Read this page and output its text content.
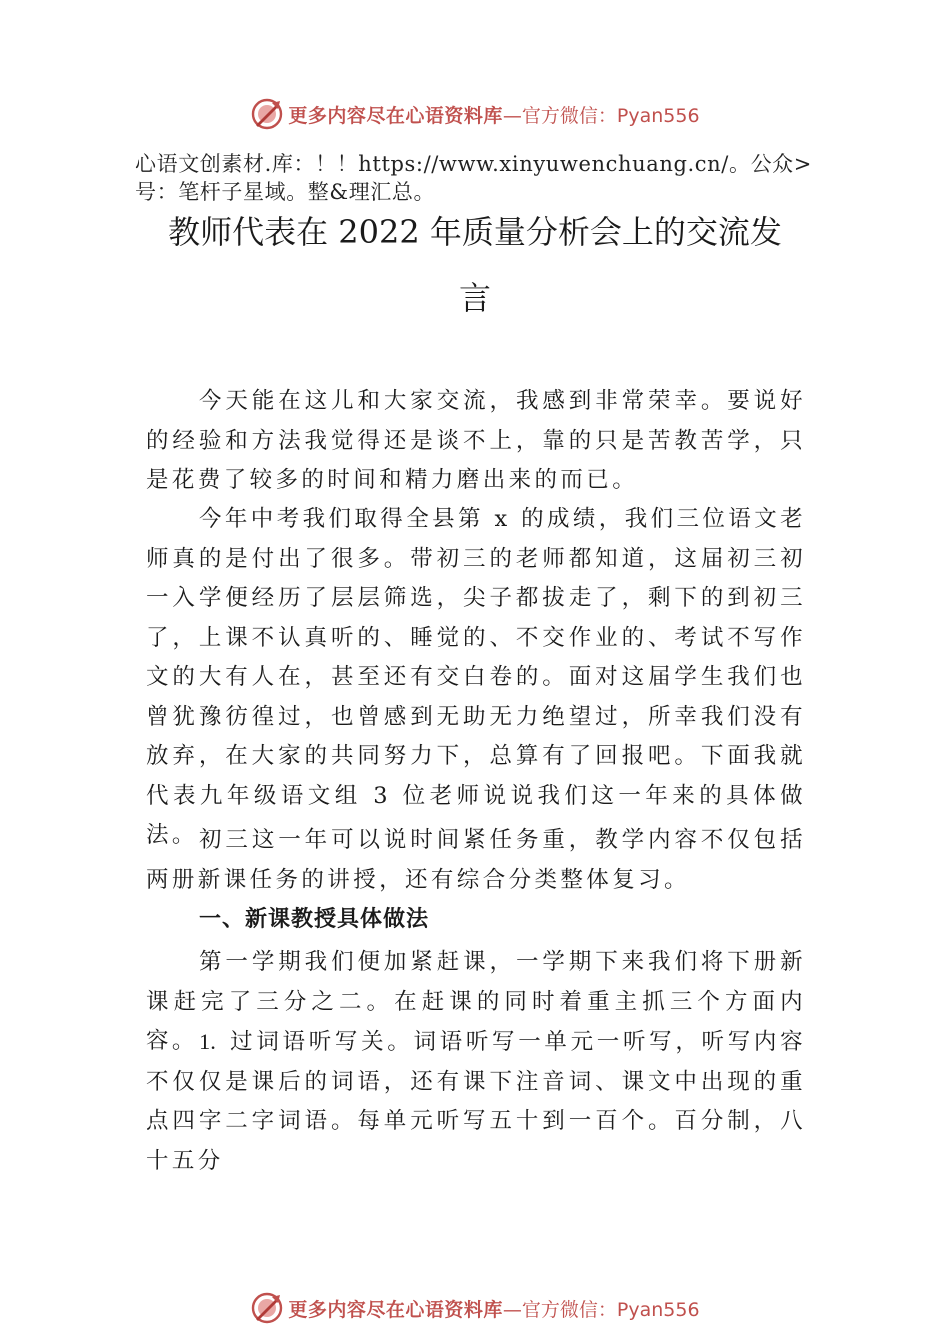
更多内容尽在心语资料库 —官方微信：Pyan556
心语文创素材.库：！！https://www.xinyuwenchuang.cn/。公众>号：笔杆子星域。整&理汇总。
教师代表在 2022 年质量分析会上的交流发
言

今天能在这儿和大家交流，我感到非常荣幸。要说好的经验和方法我觉得还是谈不上，靠的只是苦教苦学，只是花费了较多的时间和精力磨出来的而已。

今年中考我们取得全县第 x 的成绩，我们三位语文老师真的是付出了很多。带初三的老师都知道，这届初三初一入学便经历了层层筛选，尖子都拔走了，剩下的到初三了，上课不认真听的、睡觉的、不交作业的、考试不写作文的大有人在，甚至还有交白卷的。面对这届学生我们也曾犹豫彷徨过，也曾感到无助无力绝望过，所幸我们没有放弃，在大家的共同努力下，总算有了回报吧。下面我就代表九年级语文组 3 位老师说说我们这一年来的具体做法。 初三这一年可以说时间紧任务重，教学内容不仅包括两册新课任务的讲授，还有综合分类整体复习。

一、新课教授具体做法

第一学期我们便加紧赶课，一学期下来我们将下册新课赶完了三分之二。在赶课的同时着重主抓三个方面内容。 1. 过词语听写关。词语听写一单元一听写，听写内容不仅仅是课后的词语，还有课下注音词、课文中出现的重点四字二字词语。每单元听写五十到一百个。百分制，八十五分

更多内容尽在心语资料库 —官方微信：Pyan556
